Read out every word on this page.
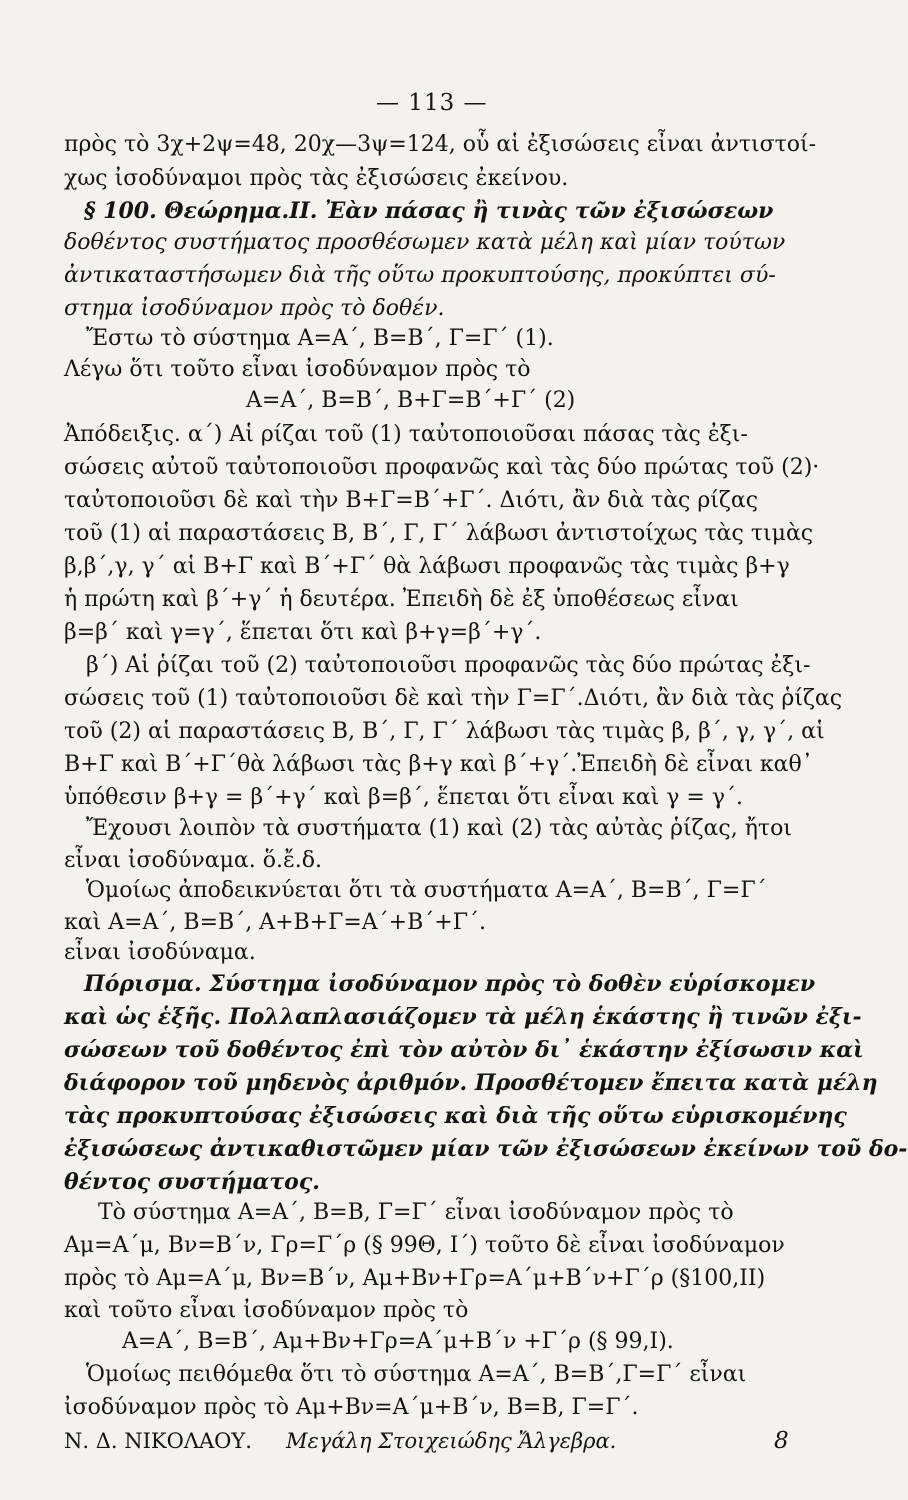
— 113 —
πρὸς τὸ 3χ+2ψ=48, 20χ—3ψ=124, οὗ αἱ ἐξισώσεις εἶναι ἀντιστοί-
χως ἰσοδύναμοι πρὸς τὰς ἐξισώσεις ἐκείνου.
§ 100. Θεώρημα.ΙΙ. Ἐὰν πάσας ἢ τινὰς τῶν ἐξισώσεων
δοθέντος συστήματος προσθέσωμεν κατὰ μέλη καὶ μίαν τούτων
ἀντικαταστήσωμεν διὰ τῆς οὕτω προκυπτούσης, προκύπτει σύ-
στημα ἰσοδύναμον πρὸς τὸ δοθέν.
Ἔστω τὸ σύστημα Α=Α΄, Β=Β΄, Γ=Γ΄ (1).
Λέγω ὅτι τοῦτο εἶναι ἰσοδύναμον πρὸς τὸ
Α=Α΄, Β=Β΄, Β+Γ=Β΄+Γ΄ (2)
Ἀπόδειξις. α΄) Αἱ ρίζαι τοῦ (1) ταὐτοποιοῦσαι πάσας τὰς ἐξι-
σώσεις αὐτοῦ ταὐτοποιοῦσι προφανῶς καὶ τὰς δύο πρώτας τοῦ (2)·
ταὐτοποιοῦσι δὲ καὶ τὴν Β+Γ=Β΄+Γ΄. Διότι, ἂν διὰ τὰς ρίζας
τοῦ (1) αἱ παραστάσεις Β, Β΄, Γ, Γ΄ λάβωσι ἀντιστοίχως τὰς τιμὰς
β,β΄,γ, γ΄ αἱ Β+Γ καὶ Β΄+Γ΄ θὰ λάβωσι προφανῶς τὰς τιμὰς β+γ
ἡ πρώτη καὶ β΄+γ΄ ἡ δευτέρα. Ἐπειδὴ δὲ ἐξ ὑποθέσεως εἶναι
β=β΄ καὶ γ=γ΄, ἕπεται ὅτι καὶ β+γ=β΄+γ΄.
β΄) Αἱ ῥίζαι τοῦ (2) ταὐτοποιοῦσι προφανῶς τὰς δύο πρώτας ἐξι-
σώσεις τοῦ (1) ταὐτοποιοῦσι δὲ καὶ τὴν Γ=Γ΄.Διότι, ἂν διὰ τὰς ῥίζας
τοῦ (2) αἱ παραστάσεις Β, Β΄, Γ, Γ΄ λάβωσι τὰς τιμὰς β, β΄, γ, γ΄, αἱ
Β+Γ καὶ Β΄+Γ΄θὰ λάβωσι τὰς β+γ καὶ β΄+γ΄.Ἐπειδὴ δὲ εἶναι καθ᾽
ὑπόθεσιν β+γ = β΄+γ΄ καὶ β=β΄, ἕπεται ὅτι εἶναι καὶ γ = γ΄.
Ἔχουσι λοιπὸν τὰ συστήματα (1) καὶ (2) τὰς αὐτὰς ῥίζας, ἤτοι
εἶναι ἰσοδύναμα. ὅ.ἔ.δ.
Ὁμοίως ἀποδεικνύεται ὅτι τὰ συστήματα Α=Α΄, Β=Β΄, Γ=Γ΄
καὶ Α=Α΄, Β=Β΄, Α+Β+Γ=Α΄+Β΄+Γ΄.
εἶναι ἰσοδύναμα.
Πόρισμα. Σύστημα ἰσοδύναμον πρὸς τὸ δοθὲν εὑρίσκομεν
καὶ ὡς ἑξῆς. Πολλαπλασιάζομεν τὰ μέλη ἑκάστης ἢ τινῶν ἐξι-
σώσεων τοῦ δοθέντος ἐπὶ τὸν αὐτὸν δι᾽ ἑκάστην ἐξίσωσιν καὶ
διάφορον τοῦ μηδενὸς ἀριθμόν. Προσθέτομεν ἔπειτα κατὰ μέλη
τὰς προκυπτούσας ἐξισώσεις καὶ διὰ τῆς οὕτω εὑρισκομένης
ἐξισώσεως ἀντικαθιστῶμεν μίαν τῶν ἐξισώσεων ἐκείνων τοῦ δο-
θέντος συστήματος.
Τὸ σύστημα Α=Α΄, Β=Β, Γ=Γ΄ εἶναι ἰσοδύναμον πρὸς τὸ
Αμ=Α΄μ, Βν=Β΄ν, Γρ=Γ΄ρ (§ 99Θ, Ι΄) τοῦτο δὲ εἶναι ἰσοδύναμον
πρὸς τὸ Αμ=Α΄μ, Βν=Β΄ν, Αμ+Βν+Γρ=Α΄μ+Β΄ν+Γ΄ρ (§100,ΙΙ)
καὶ τοῦτο εἶναι ἰσοδύναμον πρὸς τὸ
Α=Α΄, Β=Β΄, Αμ+Βν+Γρ=Α΄μ+Β΄ν +Γ΄ρ (§ 99,Ι).
Ὁμοίως πειθόμεθα ὅτι τὸ σύστημα Α=Α΄, Β=Β΄,Γ=Γ΄ εἶναι
ἰσοδύναμον πρὸς τὸ Αμ+Βν=Α΄μ+Β΄ν, Β=Β, Γ=Γ΄.
Ν. Δ. ΝΙΚΟΛΑΟΥ. Μεγάλη Στοιχειώδης Ἄλγεβρα.	8
